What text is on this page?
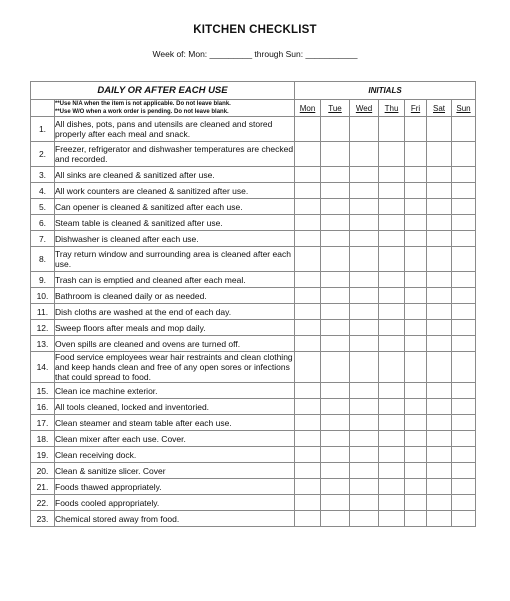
KITCHEN CHECKLIST
Week of: Mon: _________ through Sun: ___________
DAILY OR AFTER EACH USE		INITIALS						

	**Use N/A when the item is not applicable. Do not leave blank.
**Use W/O when a work order is pending. Do not leave blank.	Mon	Tue	Wed	Thu	Fri	Sat	Sun
1.	All dishes, pots, pans and utensils are cleaned and stored properly after each meal and snack.							
2.	Freezer, refrigerator and dishwasher temperatures are checked and recorded.							
3.	All sinks are cleaned & sanitized after use.							
4.	All work counters are cleaned & sanitized after use.							
5.	Can opener is cleaned & sanitized after each use.							
6.	Steam table is cleaned & sanitized after use.							
7.	Dishwasher is cleaned after each use.							
8.	Tray return window and surrounding area is cleaned after each use.							
9.	Trash can is emptied and cleaned after each meal.							
10.	Bathroom is cleaned daily or as needed.							
11.	Dish cloths are washed at the end of each day.							
12.	Sweep floors after meals and mop daily.							
13.	Oven spills are cleaned and ovens are turned off.							
14.	Food service employees wear hair restraints and clean clothing and keep hands clean and free of any open sores or infections that could spread to food.							
15.	Clean ice machine exterior.							
16.	All tools cleaned, locked and inventoried.							
17.	Clean steamer and steam table after each use.							
18.	Clean mixer after each use. Cover.							
19.	Clean receiving dock.							
20.	Clean & sanitize slicer. Cover							
21.	Foods thawed appropriately.							
22.	Foods cooled appropriately.							
23.	Chemical stored away from food.							
